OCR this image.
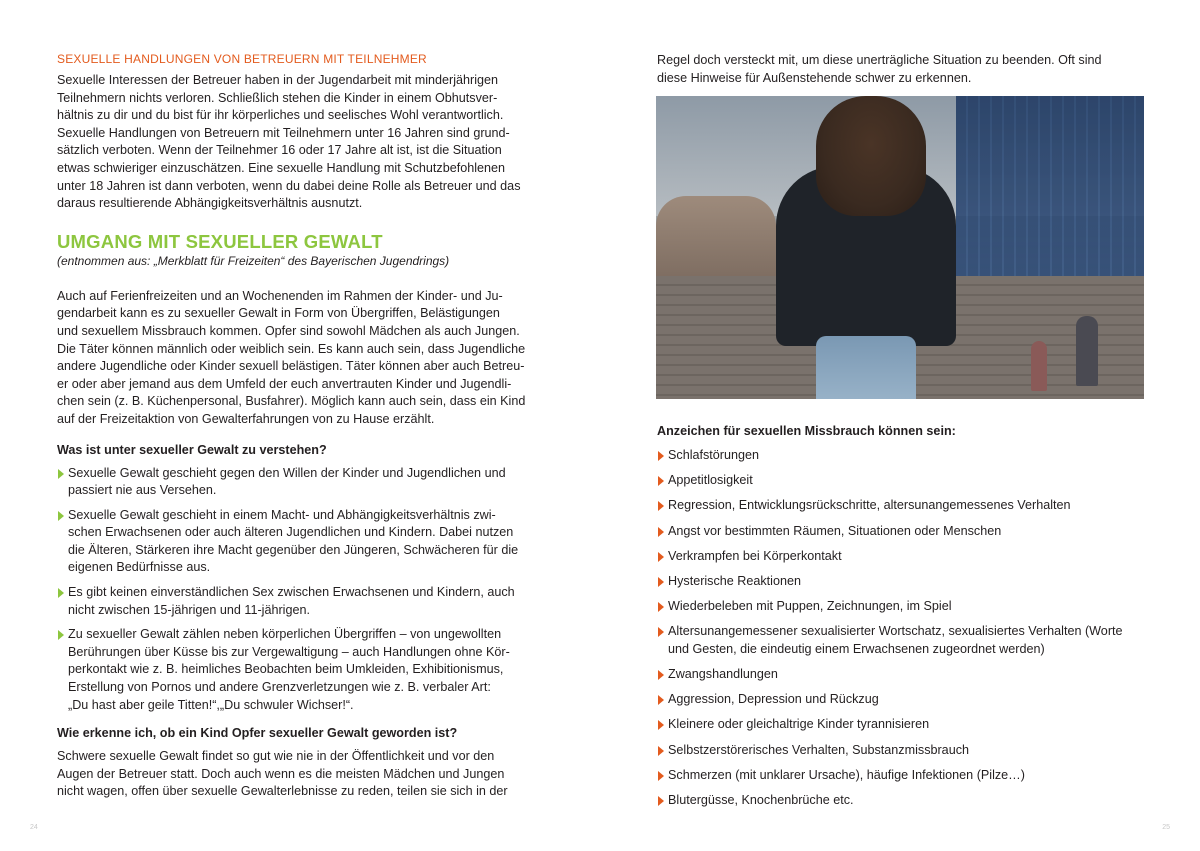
SEXUELLE HANDLUNGEN VON BETREUERN MIT TEILNEHMER

Sexuelle Interessen der Betreuer haben in der Jugendarbeit mit minderjährigen
Teilnehmern nichts verloren. Schließlich stehen die Kinder in einem Obhutsver-
hältnis zu dir und du bist für ihr körperliches und seelisches Wohl verantwortlich.
Sexuelle Handlungen von Betreuern mit Teilnehmern unter 16 Jahren sind grund-
sätzlich verboten. Wenn der Teilnehmer 16 oder 17 Jahre alt ist, ist die Situation
etwas schwieriger einzuschätzen. Eine sexuelle Handlung mit Schutzbefohlenen
unter 18 Jahren ist dann verboten, wenn du dabei deine Rolle als Betreuer und das
daraus resultierende Abhängigkeitsverhältnis ausnutzt.

UMGANG MIT SEXUELLER GEWALT

(entnommen aus: „Merkblatt für Freizeiten“ des Bayerischen Jugendrings)

Auch auf Ferienfreizeiten und an Wochenenden im Rahmen der Kinder- und Ju-
gendarbeit kann es zu sexueller Gewalt in Form von Übergriffen, Belästigungen
und sexuellem Missbrauch kommen. Opfer sind sowohl Mädchen als auch Jungen.
Die Täter können männlich oder weiblich sein. Es kann auch sein, dass Jugendliche
andere Jugendliche oder Kinder sexuell belästigen. Täter können aber auch Betreu-
er oder aber jemand aus dem Umfeld der euch anvertrauten Kinder und Jugendli-
chen sein (z. B. Küchenpersonal, Busfahrer). Möglich kann auch sein, dass ein Kind
auf der Freizeitaktion von Gewalterfahrungen von zu Hause erzählt.

Was ist unter sexueller Gewalt zu verstehen?

Sexuelle Gewalt geschieht gegen den Willen der Kinder und Jugendlichen und
passiert nie aus Versehen.
Sexuelle Gewalt geschieht in einem Macht- und Abhängigkeitsverhältnis zwi-
schen Erwachsenen oder auch älteren Jugendlichen und Kindern. Dabei nutzen
die Älteren, Stärkeren ihre Macht gegenüber den Jüngeren, Schwächeren für die
eigenen Bedürfnisse aus.
Es gibt keinen einverständlichen Sex zwischen Erwachsenen und Kindern, auch
nicht zwischen 15-jährigen und 11-jährigen.
Zu sexueller Gewalt zählen neben körperlichen Übergriffen – von ungewollten
Berührungen über Küsse bis zur Vergewaltigung – auch Handlungen ohne Kör-
perkontakt wie z. B. heimliches Beobachten beim Umkleiden, Exhibitionismus,
Erstellung von Pornos und andere Grenzverletzungen wie z. B. verbaler Art:
„Du hast aber geile Titten!“,„Du schwuler Wichser!“.

Wie erkenne ich, ob ein Kind Opfer sexueller Gewalt geworden ist?

Schwere sexuelle Gewalt findet so gut wie nie in der Öffentlichkeit und vor den
Augen der Betreuer statt. Doch auch wenn es die meisten Mädchen und Jungen
nicht wagen, offen über sexuelle Gewalterlebnisse zu reden, teilen sie sich in der
24
Regel doch versteckt mit, um diese unerträgliche Situation zu beenden. Oft sind
diese Hinweise für Außenstehende schwer zu erkennen.

Anzeichen für sexuellen Missbrauch können sein:

Schlafstörungen
Appetitlosigkeit
Regression, Entwicklungsrückschritte, altersunangemessenes Verhalten
Angst vor bestimmten Räumen, Situationen oder Menschen
Verkrampfen bei Körperkontakt
Hysterische Reaktionen
Wiederbeleben mit Puppen, Zeichnungen, im Spiel
Altersunangemessener sexualisierter Wortschatz, sexualisiertes Verhalten (Worte
und Gesten, die eindeutig einem Erwachsenen zugeordnet werden)
Zwangshandlungen
Aggression, Depression und Rückzug
Kleinere oder gleichaltrige Kinder tyrannisieren
Selbstzerstörerisches Verhalten, Substanzmissbrauch
Schmerzen (mit unklarer Ursache), häufige Infektionen (Pilze…)
Blutergüsse, Knochenbrüche etc.
25
